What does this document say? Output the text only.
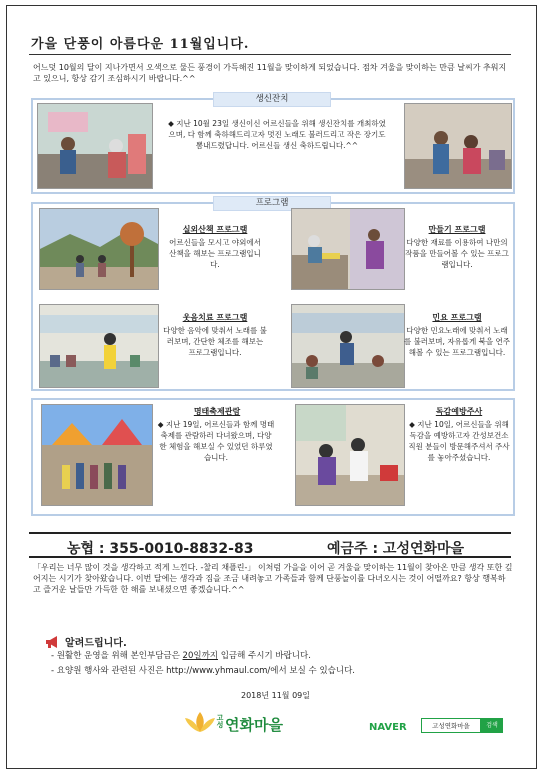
가을 단풍이 아름다운 11월입니다.
어느덧 10월의 달이 지나가면서 오색으로 물든 풍경이 가득해진 11월을 맞이하게 되었습니다. 점차 겨울을 맞이하는 만큼 날씨가 추워지고 있으니, 항상 감기 조심하시기 바랍니다.^^
생신잔치
◆ 지난 10월 23일 생신이신 어르신들을 위해 생신잔치를 개최하였으며, 다 함께 축하해드리고자 멋진 노래도 불러드리고 작은 장기도 뽐내드렸답니다. 어르신들 생신 축하드립니다.^^
프로그램
실외산책 프로그램
어르신들을 모시고 야외에서 산책을 해보는 프로그램입니다.
만들기 프로그램
다양한 재료를 이용하여 나만의 작품을 만들어볼 수 있는 프로그램입니다.
웃음치료 프로그램
다양한 음악에 맞춰서 노래를 불러보며, 간단한 체조를 해보는 프로그램입니다.
민요 프로그램
다양한 민요노래에 맞춰서 노래를 불러보며, 자유롭게 북을 연주해볼 수 있는 프로그램입니다.
명태축제관람
◆ 지난 19일, 어르신들과 함께 명태축제를 관람하러 다녀왔으며, 다양한 체험을 해보실 수 있었던 하루였습니다.
독감예방주사
◆ 지난 10일, 어르신들을 위해 독감을 예방하고자 간성보건소 직원 분들이 방문해주셔서 주사를 놓아주셨습니다.
농협 : 355-0010-8832-83	예금주 : 고성연화마을
「우리는 너무 많이 것을 생각하고 적게 느낀다. -찰리 채플린-」 이처럼 가을을 이어 곧 겨울을 맞이하는 11월이 찾아온 만큼 생각 또한 깊어지는 시기가 찾아왔습니다. 이번 달에는 생각과 짐을 조금 내려놓고 가족들과 함께 단풍놀이를 다녀오시는 것이 어떨까요? 항상 행복하고 즐거운 날들만 가득한 한 해를 보내셨으면 좋겠습니다.^^
알려드립니다.
- 원활한 운영을 위해 본인부담금은 20일까지 입금해 주시기 바랍니다.
- 요양원 행사와 관련된 사진은 http://www.yhmaul.com/에서 보실 수 있습니다.
2018년 11월 09일
고성 연화마을	NAVER	고성연화마을	검색
